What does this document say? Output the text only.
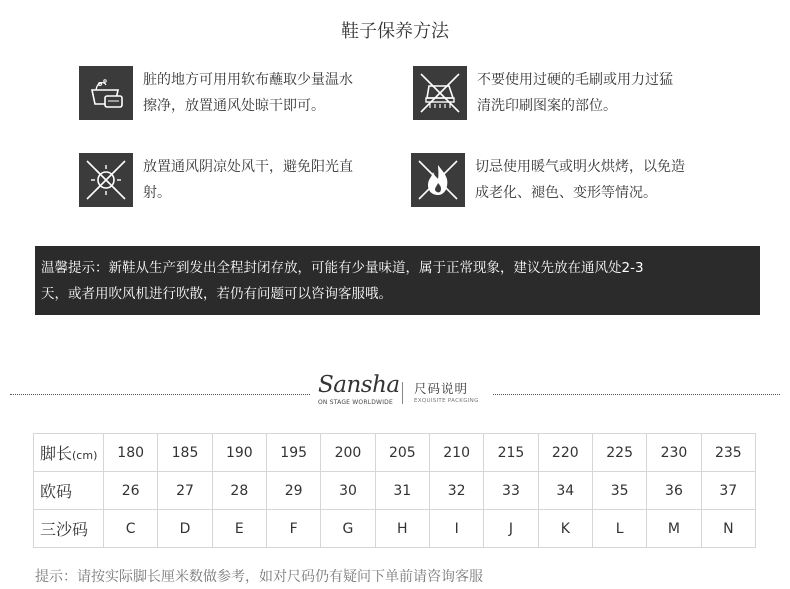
鞋子保养方法
脏的地方可用用软布蘸取少量温水
擦净，放置通风处晾干即可。
不要使用过硬的毛刷或用力过猛
清洗印刷图案的部位。
放置通风阴凉处风干，避免阳光直
射。
切忌使用暖气或明火烘烤，以免造
成老化、褪色、变形等情况。
温馨提示：新鞋从生产到发出全程封闭存放，可能有少量味道，属于正常现象，建议先放在通风处2-3
天，或者用吹风机进行吹散，若仍有问题可以咨询客服哦。
Sansha
ON STAGE WORLDWIDE
尺码说明
EXQUISITE PACKGING
脚长(cm)	180	185	190	195	200	205	210	215	220	225	230	235
欧码	26	27	28	29	30	31	32	33	34	35	36	37
三沙码	C	D	E	F	G	H	I	J	K	L	M	N
提示：请按实际脚长厘米数做参考，如对尺码仍有疑问下单前请咨询客服
